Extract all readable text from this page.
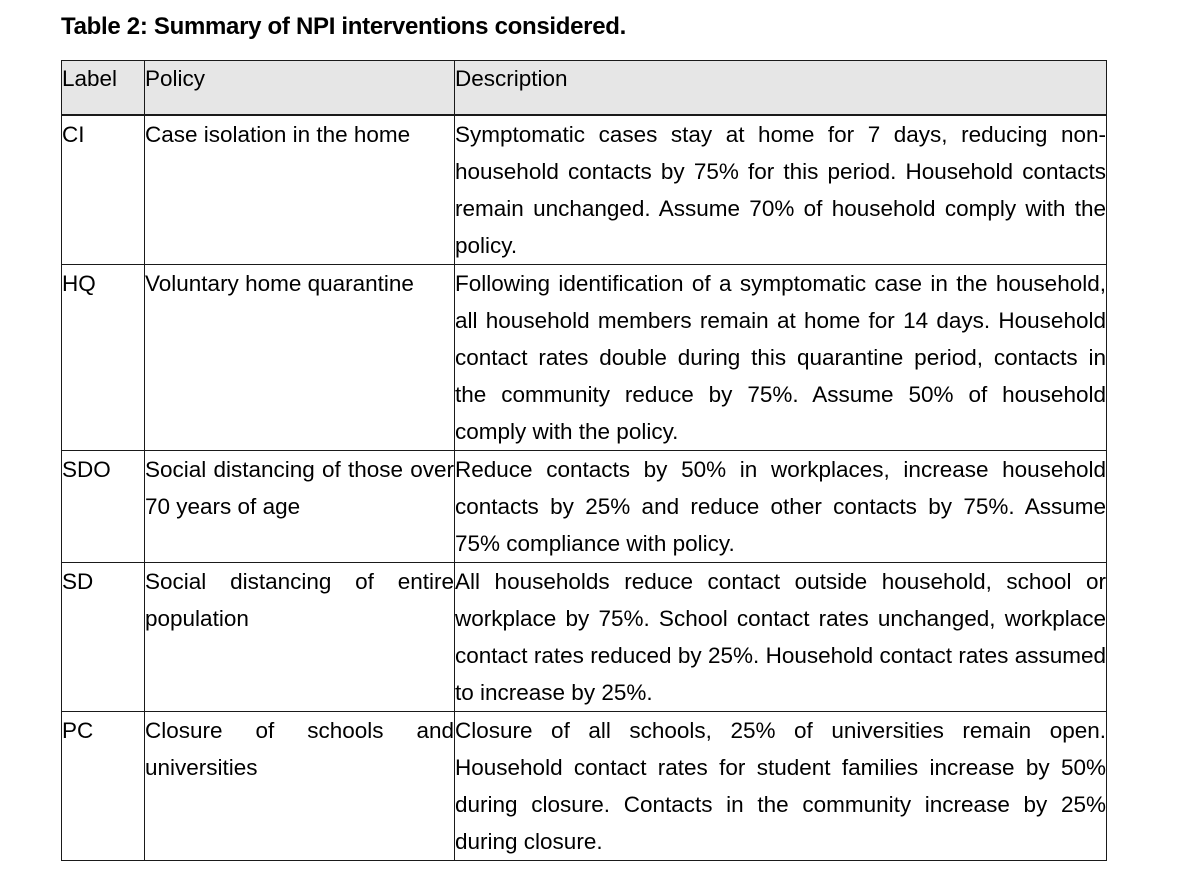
Table 2: Summary of NPI interventions considered.
Label	Policy	Description
CI	Case isolation in the home	Symptomatic cases stay at home for 7 days, reducing non-household contacts by 75% for this period. Household contacts remain unchanged. Assume 70% of household comply with the policy.
HQ	Voluntary home quarantine	Following identification of a symptomatic case in the household, all household members remain at home for 14 days. Household contact rates double during this quarantine period, contacts in the community reduce by 75%. Assume 50% of household comply with the policy.
SDO	Social distancing of those over 70 years of age	Reduce contacts by 50% in workplaces, increase household contacts by 25% and reduce other contacts by 75%. Assume 75% compliance with policy.
SD	Social distancing of entire population	All households reduce contact outside household, school or workplace by 75%. School contact rates unchanged, workplace contact rates reduced by 25%. Household contact rates assumed to increase by 25%.
PC	Closure of schools and universities	Closure of all schools, 25% of universities remain open. Household contact rates for student families increase by 50% during closure. Contacts in the community increase by 25% during closure.
